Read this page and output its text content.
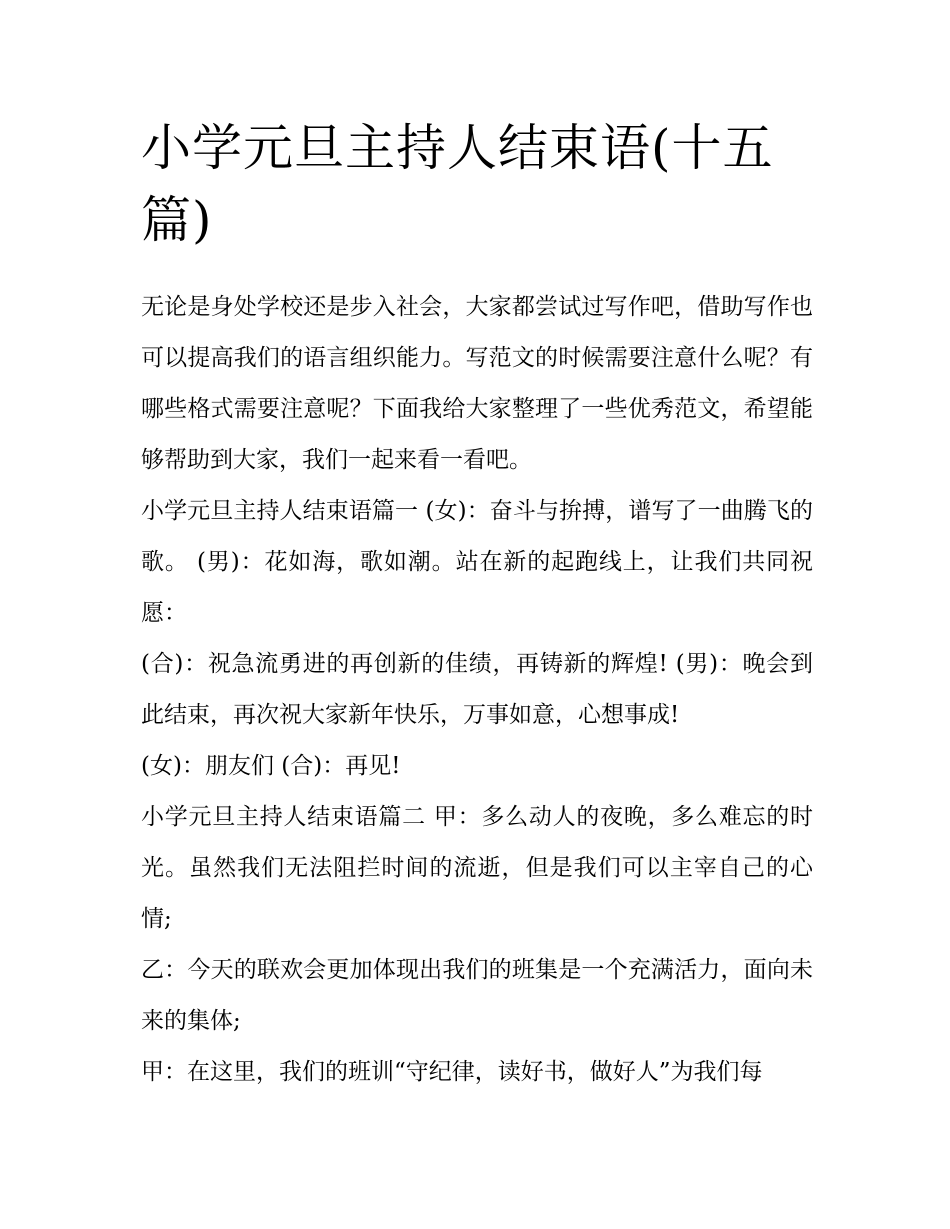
小学元旦主持人结束语(十五篇)

无论是身处学校还是步入社会，大家都尝试过写作吧，借助写作也可以提高我们的语言组织能力。写范文的时候需要注意什么呢？有哪些格式需要注意呢？下面我给大家整理了一些优秀范文，希望能够帮助到大家，我们一起来看一看吧。

小学元旦主持人结束语篇一 (女)：奋斗与拚搏，谱写了一曲腾飞的歌。 (男)：花如海，歌如潮。站在新的起跑线上，让我们共同祝愿：

(合)：祝急流勇进的再创新的佳绩，再铸新的辉煌! (男)：晚会到此结束，再次祝大家新年快乐，万事如意，心想事成!

(女)：朋友们 (合)：再见!

小学元旦主持人结束语篇二 甲：多么动人的夜晚，多么难忘的时光。虽然我们无法阻拦时间的流逝，但是我们可以主宰自己的心情;

乙：今天的联欢会更加体现出我们的班集是一个充满活力，面向未来的集体;

甲：在这里，我们的班训“守纪律，读好书，做好人”为我们每
